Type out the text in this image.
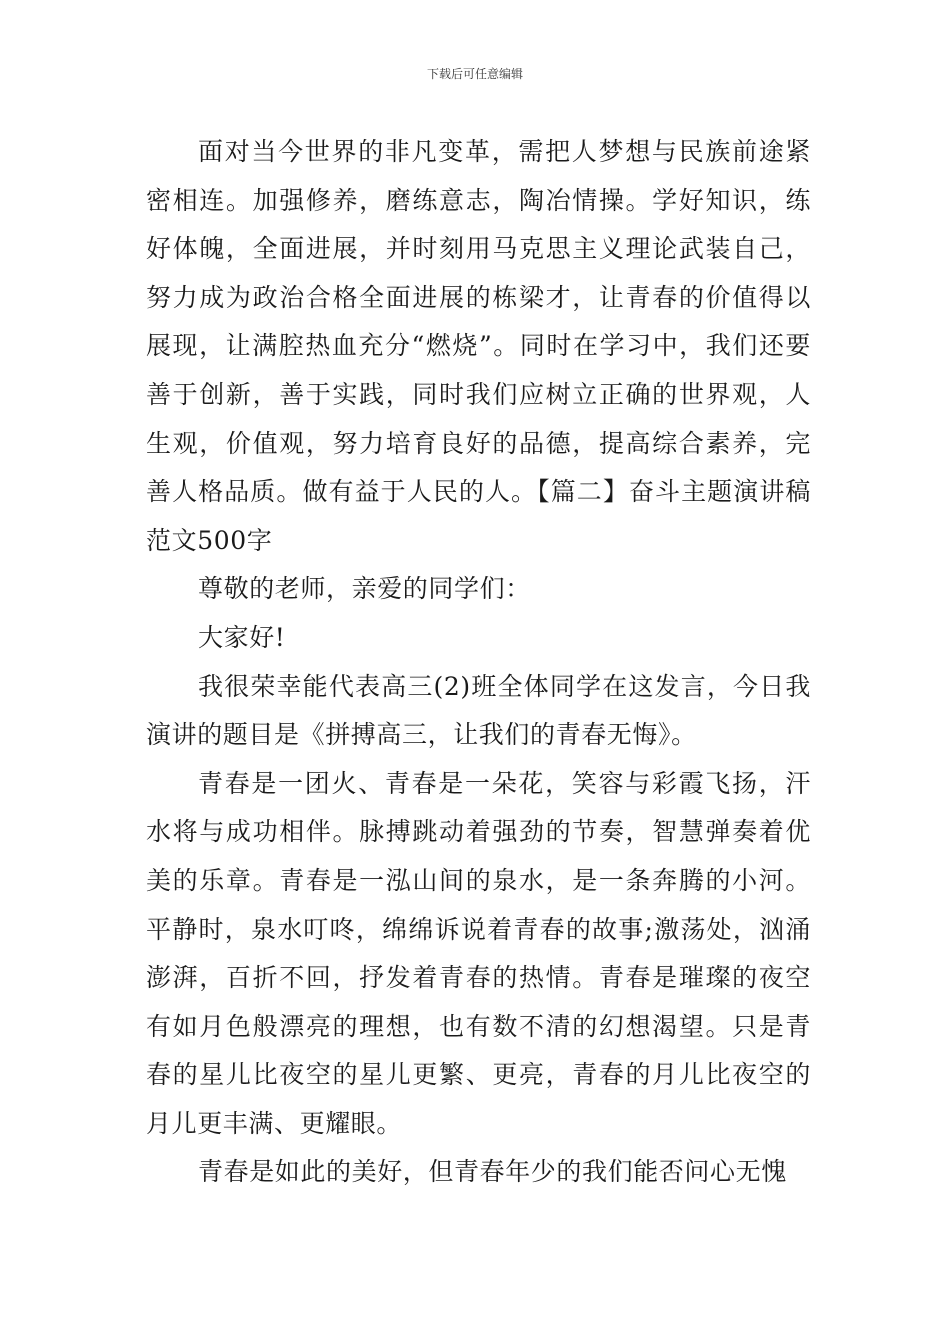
下载后可任意编辑

面对当今世界的非凡变革，需把人梦想与民族前途紧密相连。加强修养，磨练意志，陶冶情操。学好知识，练好体魄，全面进展，并时刻用马克思主义理论武装自己，努力成为政治合格全面进展的栋梁才，让青春的价值得以展现，让满腔热血充分“燃烧”。同时在学习中，我们还要善于创新，善于实践，同时我们应树立正确的世界观，人生观，价值观，努力培育良好的品德，提高综合素养，完善人格品质。做有益于人民的人。【篇二】奋斗主题演讲稿范文500字

尊敬的老师，亲爱的同学们：

大家好!

我很荣幸能代表高三(2)班全体同学在这发言，今日我演讲的题目是《拼搏高三，让我们的青春无悔》。

青春是一团火、青春是一朵花，笑容与彩霞飞扬，汗水将与成功相伴。脉搏跳动着强劲的节奏，智慧弹奏着优美的乐章。青春是一泓山间的泉水，是一条奔腾的小河。平静时，泉水叮咚，绵绵诉说着青春的故事;激荡处，汹涌澎湃，百折不回，抒发着青春的热情。青春是璀璨的夜空有如月色般漂亮的理想，也有数不清的幻想渴望。只是青春的星儿比夜空的星儿更繁、更亮，青春的月儿比夜空的月儿更丰满、更耀眼。

青春是如此的美好，但青春年少的我们能否问心无愧
